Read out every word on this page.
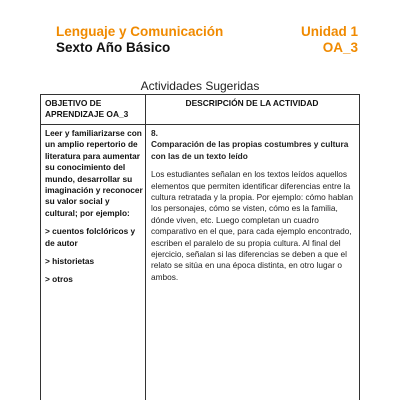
Lenguaje y Comunicación
Sexto Año Básico
Unidad 1
OA_3
Actividades Sugeridas
OBJETIVO DE APRENDIZAJE OA_3
DESCRIPCIÓN DE LA ACTIVIDAD

Leer y familiarizarse con un amplio repertorio de literatura para aumentar su conocimiento del mundo, desarrollar su imaginación y reconocer su valor social y cultural; por ejemplo:

> cuentos folclóricos y de autor

> historietas

> otros

8.
Comparación de las propias costumbres y cultura con las de un texto leído

Los estudiantes señalan en los textos leídos aquellos elementos que permiten identificar diferencias entre la cultura retratada y la propia. Por ejemplo: cómo hablan los personajes, cómo se visten, cómo es la familia, dónde viven, etc. Luego completan un cuadro comparativo en el que, para cada ejemplo encontrado, escriben el paralelo de su propia cultura. Al final del ejercicio, señalan si las diferencias se deben a que el relato se sitúa en una época distinta, en otro lugar o ambos.
